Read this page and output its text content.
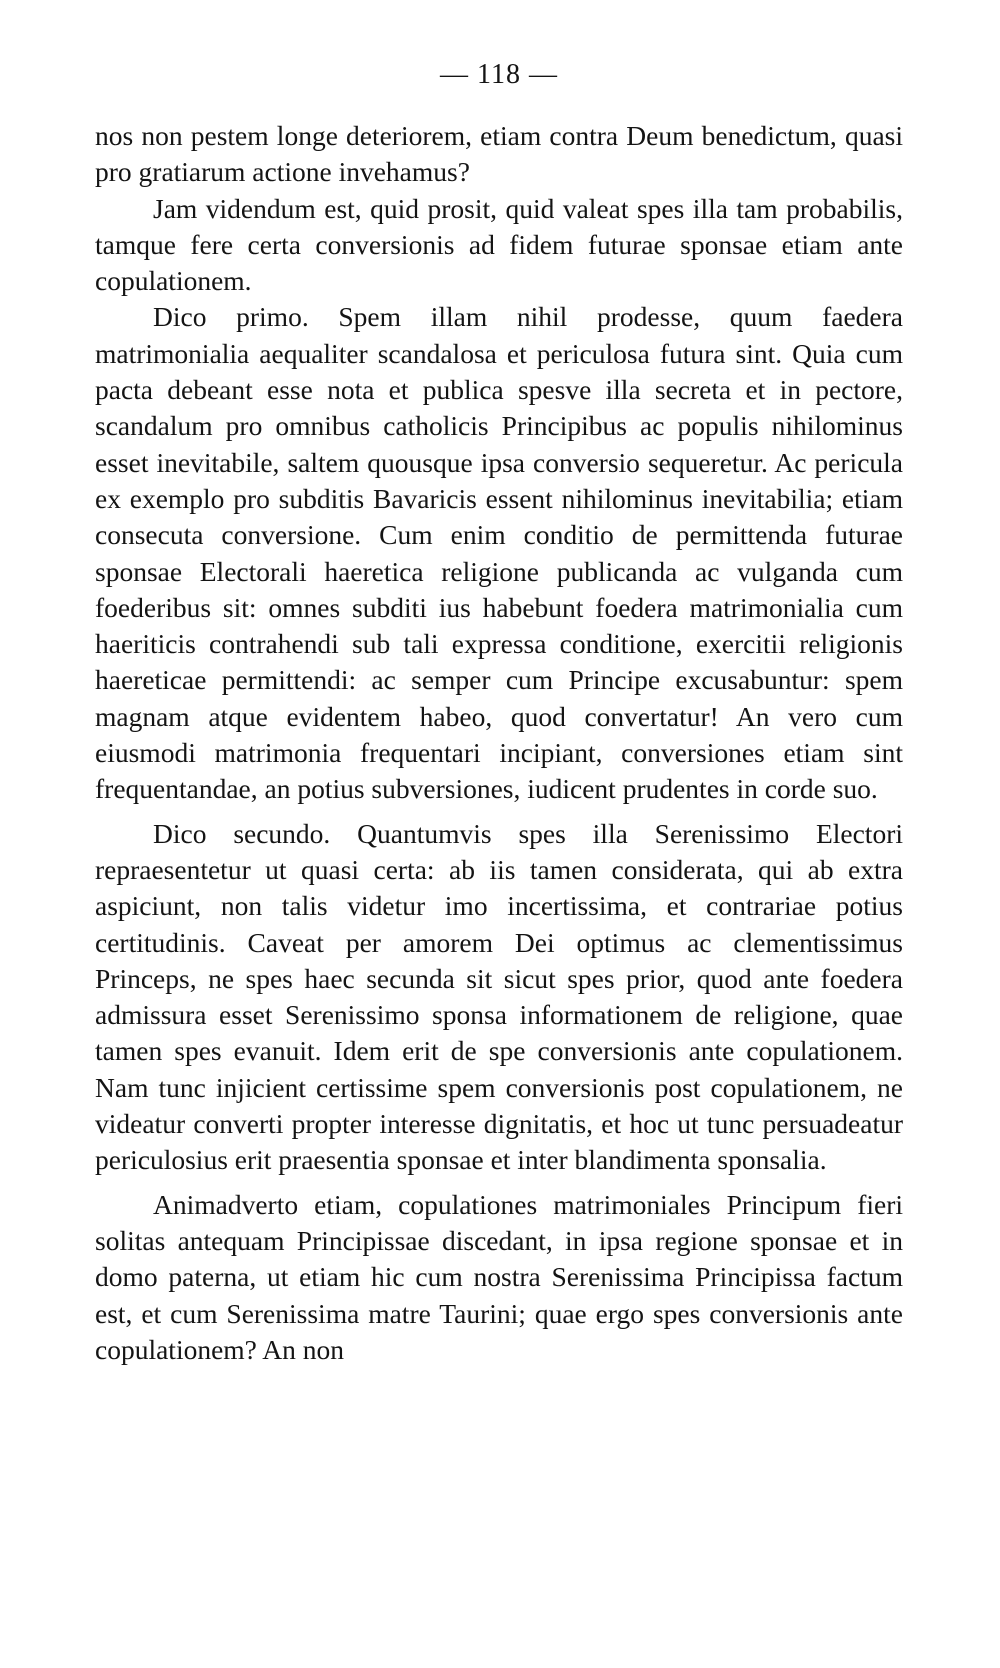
— 118 —

nos non pestem longe deteriorem, etiam contra Deum benedictum, quasi pro gratiarum actione invehamus?

Jam videndum est, quid prosit, quid valeat spes illa tam probabilis, tamque fere certa conversionis ad fidem futurae sponsae etiam ante copulationem.

Dico primo. Spem illam nihil prodesse, quum faedera matrimonialia aequaliter scandalosa et periculosa futura sint. Quia cum pacta debeant esse nota et publica spesve illa secreta et in pectore, scandalum pro omnibus catholicis Principibus ac populis nihilominus esset inevitabile, saltem quousque ipsa conversio sequeretur. Ac pericula ex exemplo pro subditis Bavaricis essent nihilominus inevitabilia; etiam consecuta conversione. Cum enim conditio de permittenda futurae sponsae Electorali haeretica religione publicanda ac vulganda cum foederibus sit: omnes subditi ius habebunt foedera matrimonialia cum haeriticis contrahendi sub tali expressa conditione, exercitii religionis haereticae permittendi: ac semper cum Principe excusabuntur: spem magnam atque evidentem habeo, quod convertatur! An vero cum eiusmodi matrimonia frequentari incipiant, conversiones etiam sint frequentandae, an potius subversiones, iudicent prudentes in corde suo.

Dico secundo. Quantumvis spes illa Serenissimo Electori repraesentetur ut quasi certa: ab iis tamen considerata, qui ab extra aspiciunt, non talis videtur imo incertissima, et contrariae potius certitudinis. Caveat per amorem Dei optimus ac clementissimus Princeps, ne spes haec secunda sit sicut spes prior, quod ante foedera admissura esset Serenissimo sponsa informationem de religione, quae tamen spes evanuit. Idem erit de spe conversionis ante copulationem. Nam tunc injicient certissime spem conversionis post copulationem, ne videatur converti propter interesse dignitatis, et hoc ut tunc persuadeatur periculosius erit praesentia sponsae et inter blandimenta sponsalia.

Animadverto etiam, copulationes matrimoniales Principum fieri solitas antequam Principissae discedant, in ipsa regione sponsae et in domo paterna, ut etiam hic cum nostra Serenissima Principissa factum est, et cum Serenissima matre Taurini; quae ergo spes conversionis ante copulationem? An non
